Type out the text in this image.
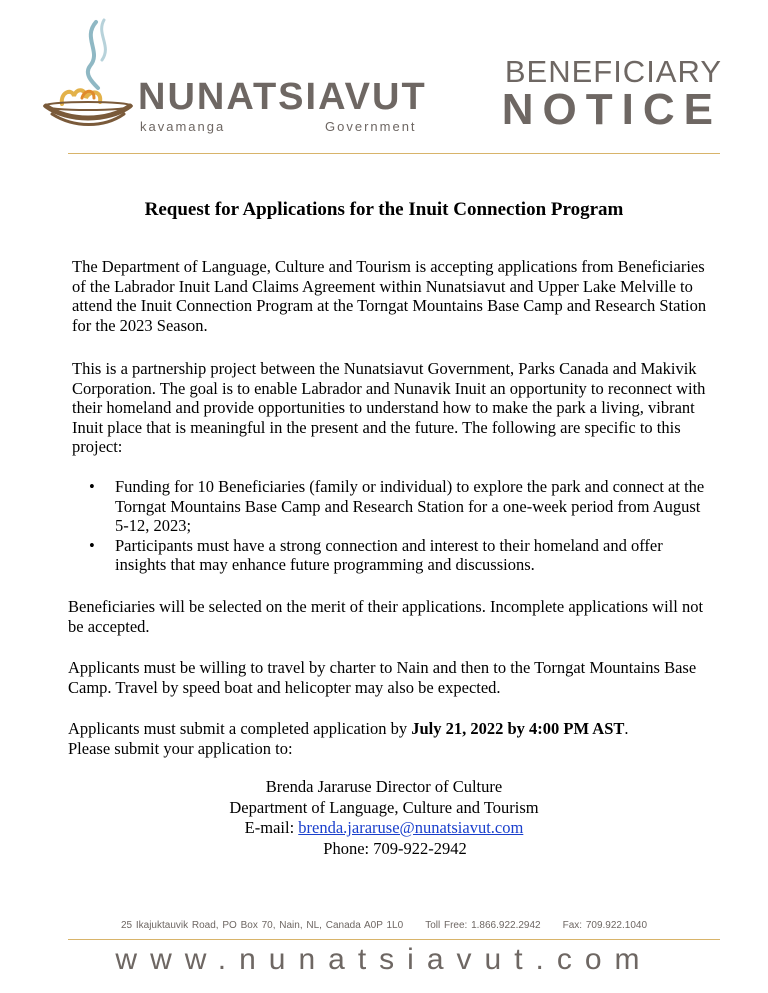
NUNATSIAVUT
kavamanga	Government
BENEFICIARY
NOTICE
Request for Applications for the Inuit Connection Program

The Department of Language, Culture and Tourism is accepting applications from Beneficiaries of the Labrador Inuit Land Claims Agreement within Nunatsiavut and Upper Lake Melville to attend the Inuit Connection Program at the Torngat Mountains Base Camp and Research Station for the 2023 Season.

This is a partnership project between the Nunatsiavut Government, Parks Canada and Makivik Corporation. The goal is to enable Labrador and Nunavik Inuit an opportunity to reconnect with their homeland and provide opportunities to understand how to make the park a living, vibrant Inuit place that is meaningful in the present and the future. The following are specific to this project:

• Funding for 10 Beneficiaries (family or individual) to explore the park and connect at the Torngat Mountains Base Camp and Research Station for a one-week period from August 5-12, 2023;
• Participants must have a strong connection and interest to their homeland and offer insights that may enhance future programming and discussions.

Beneficiaries will be selected on the merit of their applications. Incomplete applications will not be accepted.

Applicants must be willing to travel by charter to Nain and then to the Torngat Mountains Base Camp. Travel by speed boat and helicopter may also be expected.

Applicants must submit a completed application by July 21, 2022 by 4:00 PM AST.
Please submit your application to:

Brenda Jararuse Director of Culture
Department of Language, Culture and Tourism
E-mail: brenda.jararuse@nunatsiavut.com
Phone: 709-922-2942
25 Ikajuktauvik Road, PO Box 70, Nain, NL, Canada A0P 1L0 Toll Free: 1.866.922.2942 Fax: 709.922.1040
www.nunatsiavut.com
